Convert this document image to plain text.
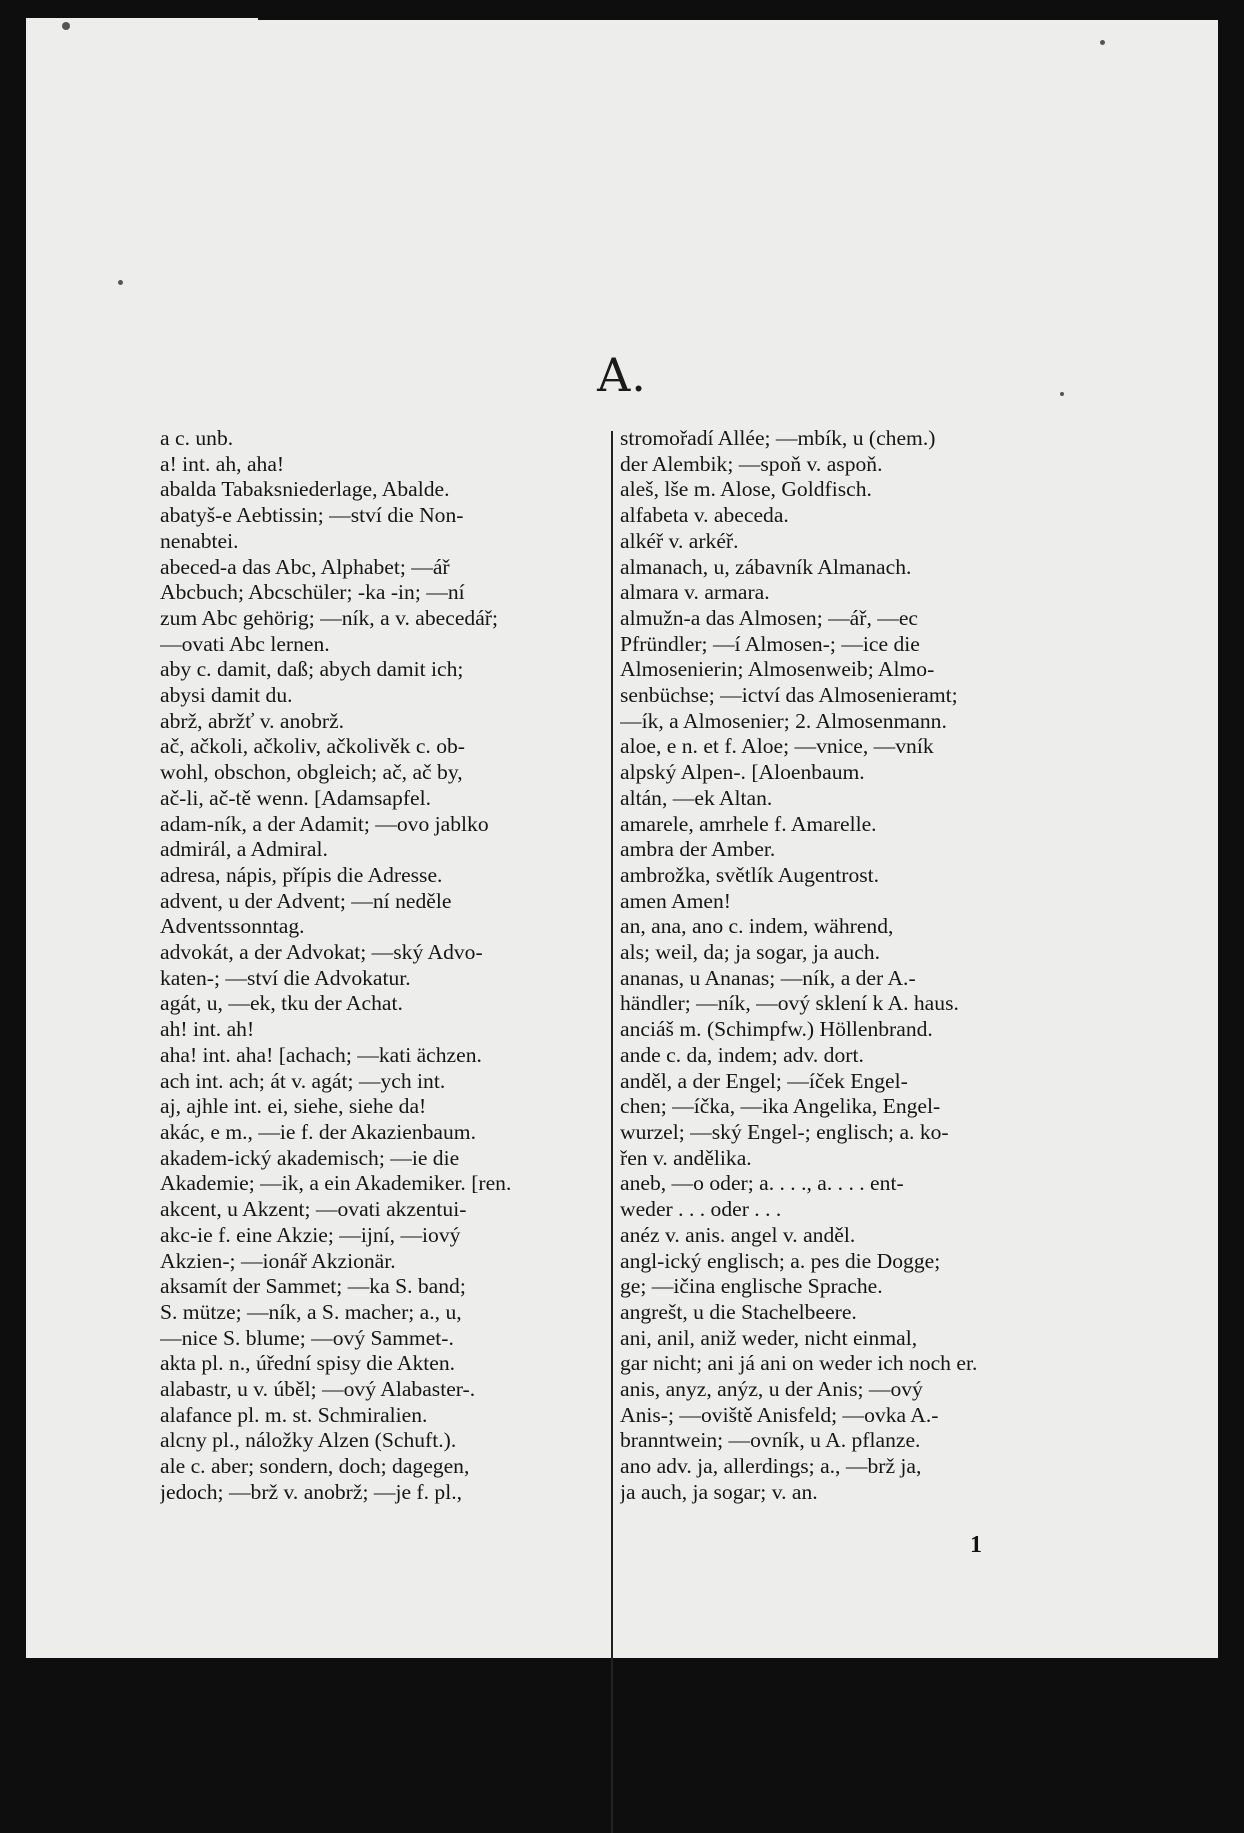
A.
a c. unb.
a! int. ah, aha!
abalda Tabaksniederlage, Abalde.
abatyš-e Aebtissin; —ství die Non-
nenabtei.
abeced-a das Abc, Alphabet; —ář
Abcbuch; Abcschüler; -ka -in; —ní
zum Abc gehörig; —ník, a v. abecedář;
—ovati Abc lernen.
aby c. damit, daß; abych damit ich;
abysi damit du.
abrž, abržť v. anobrž.
ač, ačkoli, ačkoliv, ačkolivěk c. ob-
wohl, obschon, obgleich; ač, ač by,
ač-li, ač-tě wenn. [Adamsapfel.
adam-ník, a der Adamit; —ovo jablko
admirál, a Admiral.
adresa, nápis, přípis die Adresse.
advent, u der Advent; —ní neděle
Adventssonntag.
advokát, a der Advokat; —ský Advo-
katen-; —ství die Advokatur.
agát, u, —ek, tku der Achat.
ah! int. ah!
aha! int. aha! [achach; —kati ächzen.
ach int. ach; át v. agát; —ych int.
aj, ajhle int. ei, siehe, siehe da!
akác, e m., —ie f. der Akazienbaum.
akadem-ický akademisch; —ie die
Akademie; —ik, a ein Akademiker. [ren.
akcent, u Akzent; —ovati akzentui-
akc-ie f. eine Akzie; —ijní, —iový
Akzien-; —ionář Akzionär.
aksamít der Sammet; —ka S. band;
S. mütze; —ník, a S. macher; a., u,
—nice S. blume; —ový Sammet-.
akta pl. n., úřední spisy die Akten.
alabastr, u v. úběl; —ový Alabaster-.
alafance pl. m. st. Schmiralien.
alcny pl., náložky Alzen (Schuft.).
ale c. aber; sondern, doch; dagegen,
jedoch; —brž v. anobrž; —je f. pl.,
stromořadí Allée; —mbík, u (chem.)
der Alembik; —spoň v. aspoň.
aleš, lše m. Alose, Goldfisch.
alfabeta v. abeceda.
alkéř v. arkéř.
almanach, u, zábavník Almanach.
almara v. armara.
almužn-a das Almosen; —ář, —ec
Pfründler; —í Almosen-; —ice die
Almosenierin; Almosenweib; Almo-
senbüchse; —ictví das Almosenieramt;
—ík, a Almosenier; 2. Almosenmann.
aloe, e n. et f. Aloe; —vnice, —vník
alpský Alpen-. [Aloenbaum.
altán, —ek Altan.
amarele, amrhele f. Amarelle.
ambra der Amber.
ambrožka, světlík Augentrost.
amen Amen!
an, ana, ano c. indem, während,
als; weil, da; ja sogar, ja auch.
ananas, u Ananas; —ník, a der A.-
händler; —ník, —ový sklení k A. haus.
anciáš m. (Schimpfw.) Höllenbrand.
ande c. da, indem; adv. dort.
anděl, a der Engel; —íček Engel-
chen; —íčka, —ika Angelika, Engel-
wurzel; —ský Engel-; englisch; a. ko-
řen v. andělika.
aneb, —o oder; a. . . ., a. . . . ent-
weder . . . oder . . .
anéz v. anis. angel v. anděl.
angl-ický englisch; a. pes die Dogge;
ge; —ičina englische Sprache.
angrešt, u die Stachelbeere.
ani, anil, aniž weder, nicht einmal,
gar nicht; ani já ani on weder ich noch er.
anis, anyz, anýz, u der Anis; —ový
Anis-; —oviště Anisfeld; —ovka A.-
branntwein; —ovník, u A. pflanze.
ano adv. ja, allerdings; a., —brž ja,
ja auch, ja sogar; v. an.
1
